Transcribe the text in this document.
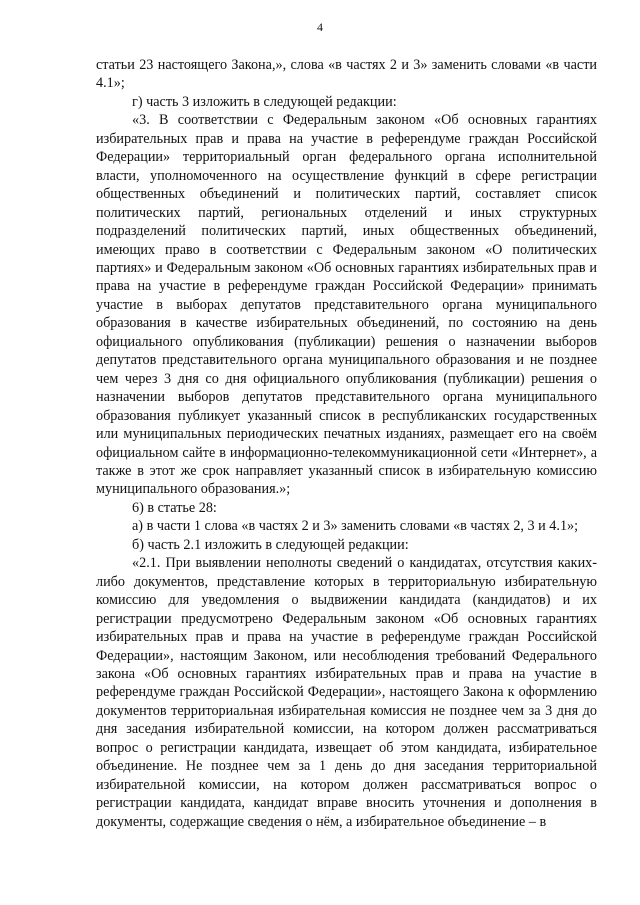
4

статьи 23 настоящего Закона,», слова «в частях 2 и 3» заменить словами «в части 4.1»;

г) часть 3 изложить в следующей редакции:

«3. В соответствии с Федеральным законом «Об основных гарантиях избирательных прав и права на участие в референдуме граждан Российской Федерации» территориальный орган федерального органа исполнительной власти, уполномоченного на осуществление функций в сфере регистрации общественных объединений и политических партий, составляет список политических партий, региональных отделений и иных структурных подразделений политических партий, иных общественных объединений, имеющих право в соответствии с Федеральным законом «О политических партиях» и Федеральным законом «Об основных гарантиях избирательных прав и права на участие в референдуме граждан Российской Федерации» принимать участие в выборах депутатов представительного органа муниципального образования в качестве избирательных объединений, по состоянию на день официального опубликования (публикации) решения о назначении выборов депутатов представительного органа муниципального образования и не позднее чем через 3 дня со дня официального опубликования (публикации) решения о назначении выборов депутатов представительного органа муниципального образования публикует указанный список в республиканских государственных или муниципальных периодических печатных изданиях, размещает его на своём официальном сайте в информационно-телекоммуникационной сети «Интернет», а также в этот же срок направляет указанный список в избирательную комиссию муниципального образования.»;

6) в статье 28:

а) в части 1 слова «в частях 2 и 3» заменить словами «в частях 2, 3 и 4.1»;

б) часть 2.1 изложить в следующей редакции:

«2.1. При выявлении неполноты сведений о кандидатах, отсутствия каких-либо документов, представление которых в территориальную избирательную комиссию для уведомления о выдвижении кандидата (кандидатов) и их регистрации предусмотрено Федеральным законом «Об основных гарантиях избирательных прав и права на участие в референдуме граждан Российской Федерации», настоящим Законом, или несоблюдения требований Федерального закона «Об основных гарантиях избирательных прав и права на участие в референдуме граждан Российской Федерации», настоящего Закона к оформлению документов территориальная избирательная комиссия не позднее чем за 3 дня до дня заседания избирательной комиссии, на котором должен рассматриваться вопрос о регистрации кандидата, извещает об этом кандидата, избирательное объединение. Не позднее чем за 1 день до дня заседания территориальной избирательной комиссии, на котором должен рассматриваться вопрос о регистрации кандидата, кандидат вправе вносить уточнения и дополнения в документы, содержащие сведения о нём, а избирательное объединение – в
